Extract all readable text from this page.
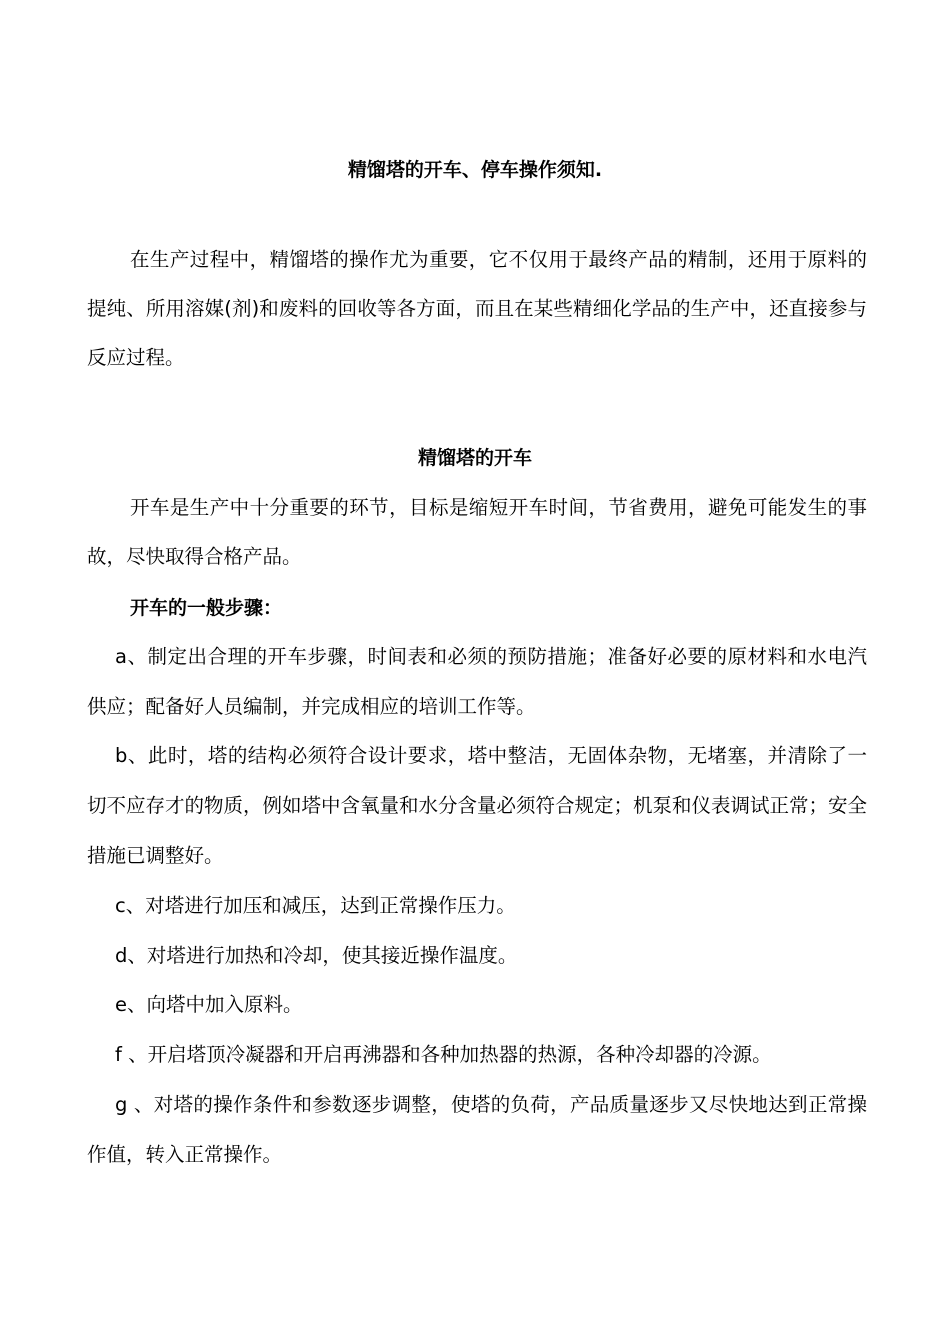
精馏塔的开车、停车操作须知.

在生产过程中，精馏塔的操作尤为重要，它不仅用于最终产品的精制，还用于原料的提纯、所用溶媒(剂)和废料的回收等各方面，而且在某些精细化学品的生产中，还直接参与反应过程。

精馏塔的开车

开车是生产中十分重要的环节，目标是缩短开车时间，节省费用，避免可能发生的事故，尽快取得合格产品。

开车的一般步骤：

a、制定出合理的开车步骤，时间表和必须的预防措施；准备好必要的原材料和水电汽供应；配备好人员编制，并完成相应的培训工作等。

b、此时，塔的结构必须符合设计要求，塔中整洁，无固体杂物，无堵塞，并清除了一切不应存才的物质，例如塔中含氧量和水分含量必须符合规定；机泵和仪表调试正常；安全措施已调整好。

c、对塔进行加压和减压，达到正常操作压力。

d、对塔进行加热和冷却，使其接近操作温度。

e、向塔中加入原料。

f 、开启塔顶冷凝器和开启再沸器和各种加热器的热源，各种冷却器的冷源。

g 、对塔的操作条件和参数逐步调整，使塔的负荷，产品质量逐步又尽快地达到正常操作值，转入正常操作。
